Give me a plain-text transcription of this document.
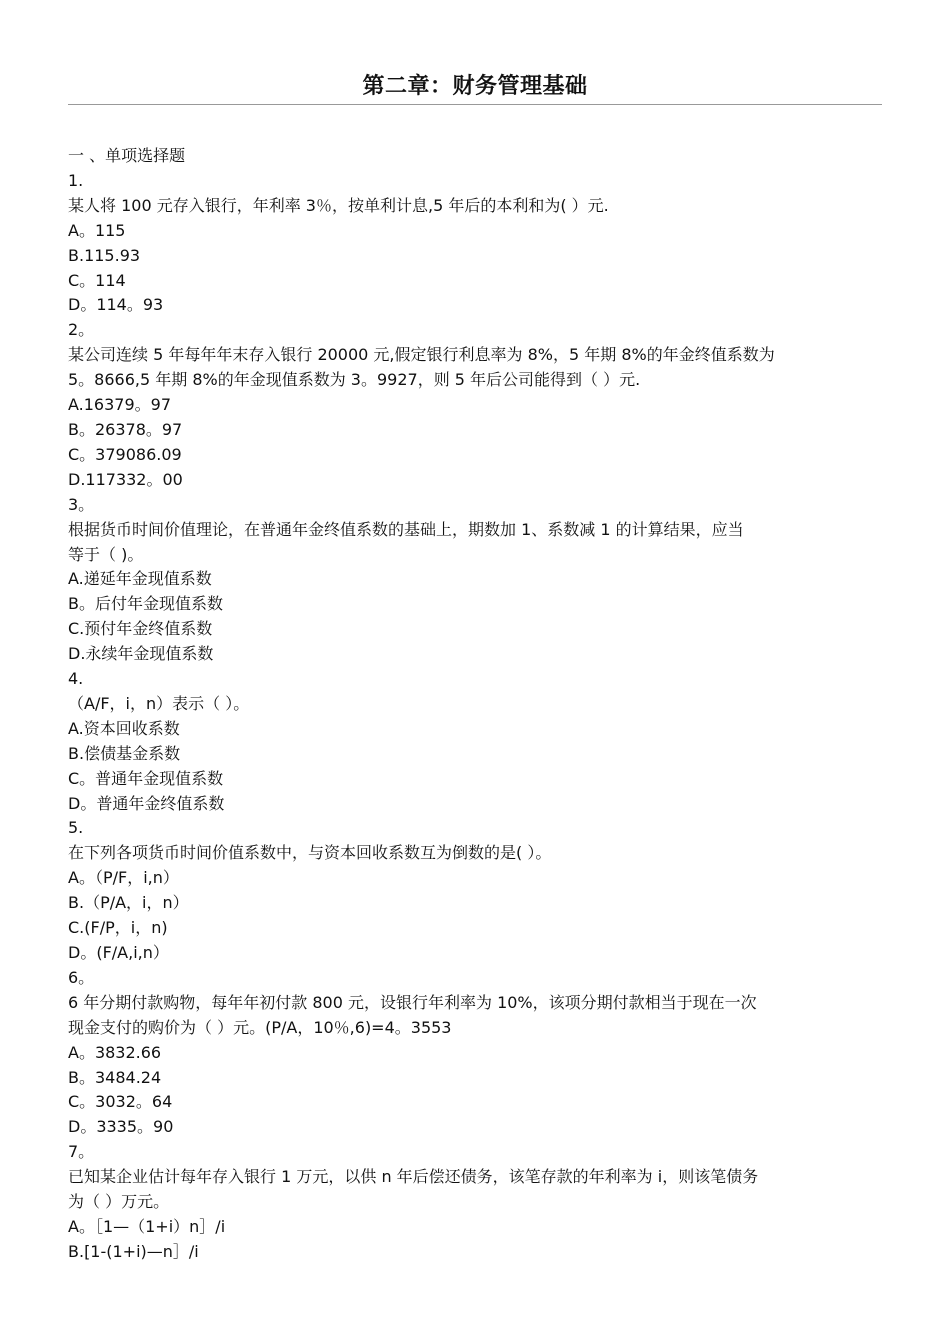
第二章：财务管理基础
一 、单项选择题
1.
某人将 100 元存入银行，年利率 3％，按单利计息,5 年后的本利和为( ）元.
A。115
B.115.93
C。114
D。114。93
2。
某公司连续 5 年每年年末存入银行 20000 元,假定银行利息率为 8%，5 年期 8%的年金终值系数为
5。8666,5 年期 8%的年金现值系数为 3。9927，则 5 年后公司能得到（ ）元.
A.16379。97
B。26378。97
C。379086.09
D.117332。00
3。
根据货币时间价值理论，在普通年金终值系数的基础上，期数加 1、系数减 1 的计算结果，应当
等于（ )。
A.递延年金现值系数
B。后付年金现值系数
C.预付年金终值系数
D.永续年金现值系数
4.
（A/F，i，n）表示（ ）。
A.资本回收系数
B.偿债基金系数
C。普通年金现值系数
D。普通年金终值系数
5.
在下列各项货币时间价值系数中，与资本回收系数互为倒数的是( ）。
A。（P/F，i,n）
B.（P/A，i，n）
C.(F/P，i，n)
D。(F/A,i,n）
6。
6 年分期付款购物，每年年初付款 800 元，设银行年利率为 10%，该项分期付款相当于现在一次
现金支付的购价为（ ）元。(P/A，10％,6)=4。3553
A。3832.66
B。3484.24
C。3032。64
D。3335。90
7。
已知某企业估计每年存入银行 1 万元，以供 n 年后偿还债务，该笔存款的年利率为 i，则该笔债务
为（ ）万元。
A。［1—（1+i）n］/i
B.[1-(1+i)—n］/i
